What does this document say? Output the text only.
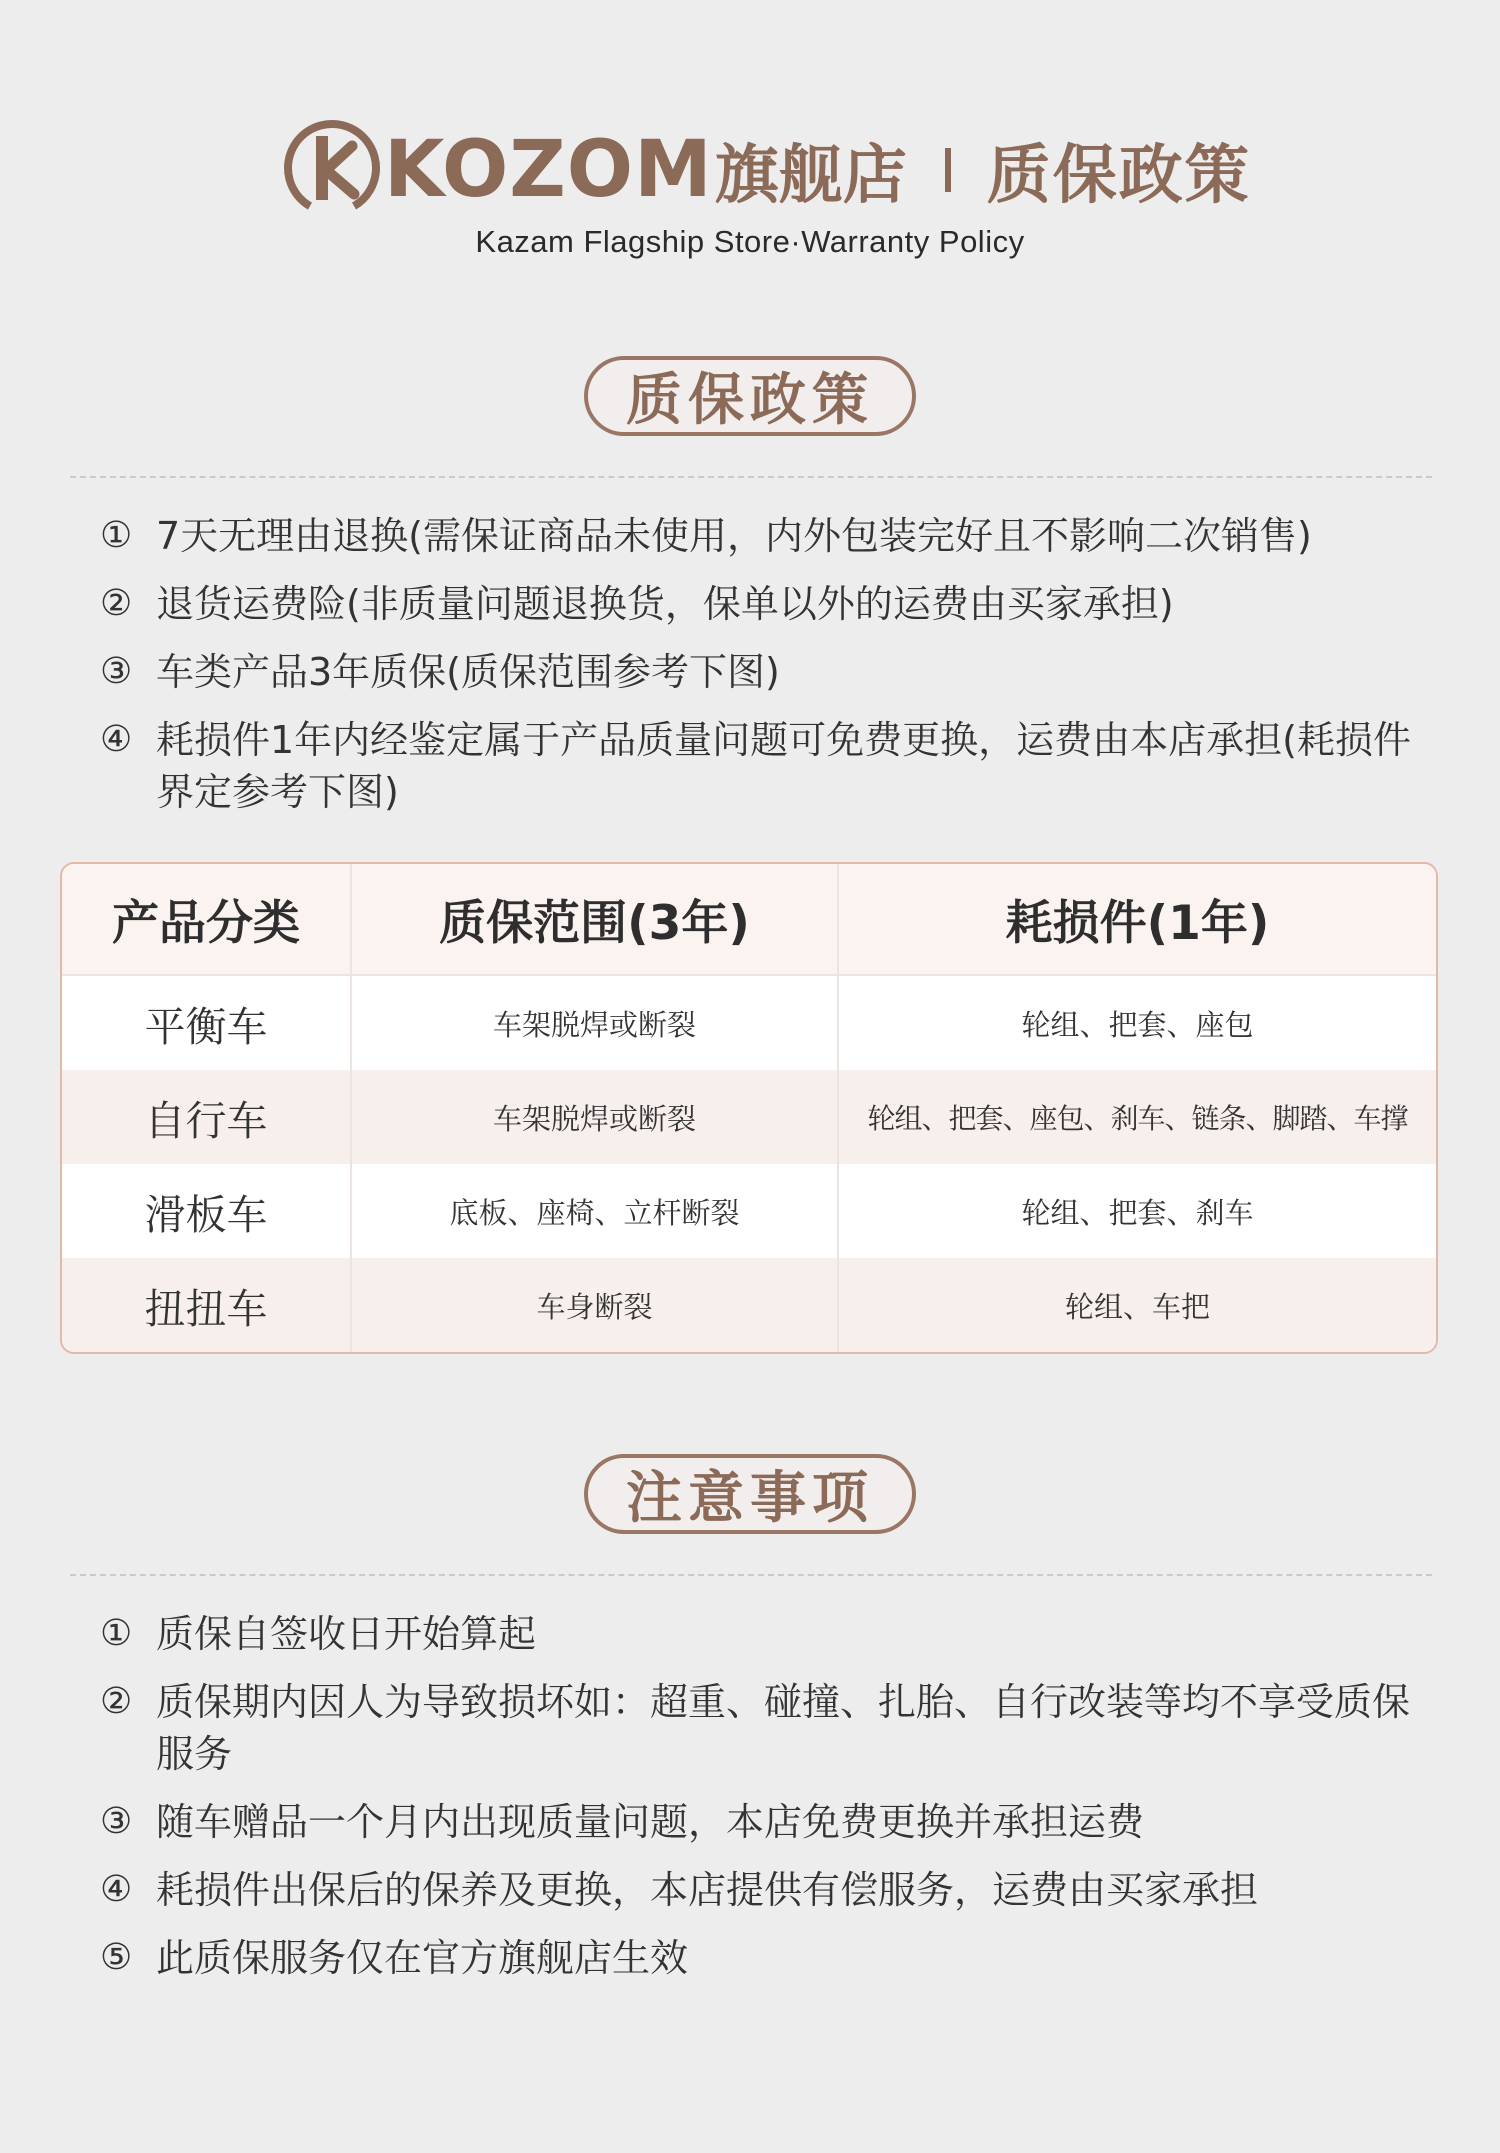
KOZOM 旗舰店 质保政策
Kazam Flagship Store·Warranty Policy
质保政策
① 7天无理由退换(需保证商品未使用，内外包装完好且不影响二次销售)
② 退货运费险(非质量问题退换货，保单以外的运费由买家承担)
③ 车类产品3年质保(质保范围参考下图)
④ 耗损件1年内经鉴定属于产品质量问题可免费更换，运费由本店承担(耗损件界定参考下图)
产品分类	质保范围(3年)	耗损件(1年)
平衡车	车架脱焊或断裂	轮组、把套、座包
自行车	车架脱焊或断裂	轮组、把套、座包、刹车、链条、脚踏、车撑
滑板车	底板、座椅、立杆断裂	轮组、把套、刹车
扭扭车	车身断裂	轮组、车把
注意事项
① 质保自签收日开始算起
② 质保期内因人为导致损坏如：超重、碰撞、扎胎、自行改装等均不享受质保服务
③ 随车赠品一个月内出现质量问题，本店免费更换并承担运费
④ 耗损件出保后的保养及更换，本店提供有偿服务，运费由买家承担
⑤ 此质保服务仅在官方旗舰店生效
